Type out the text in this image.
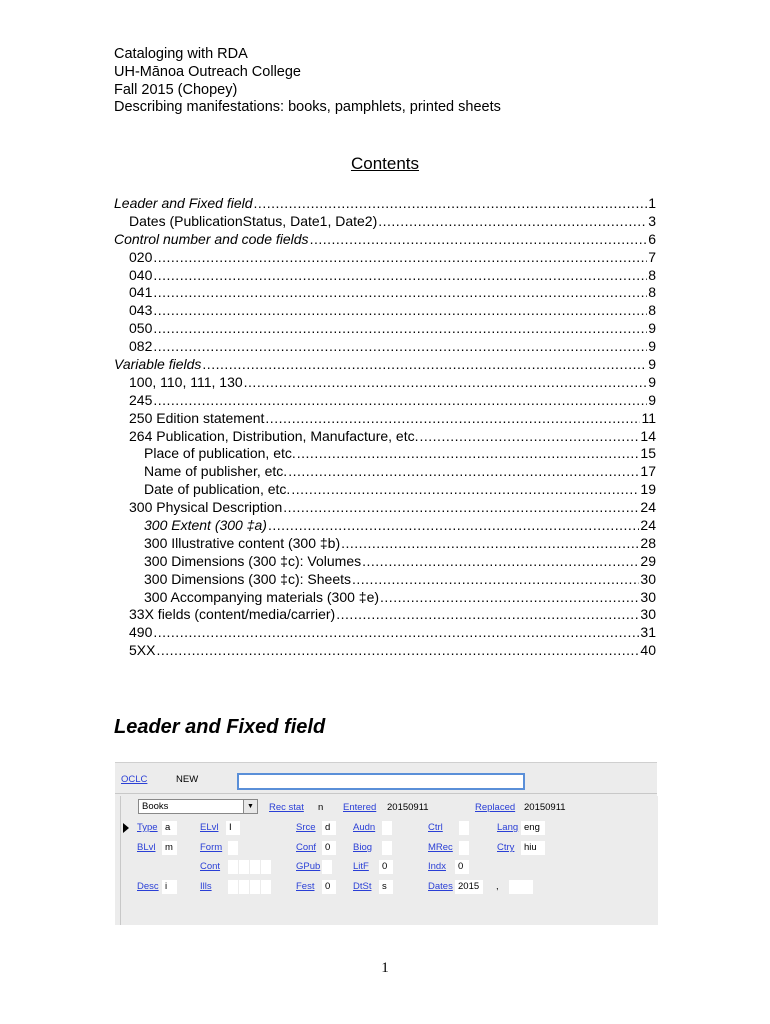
Cataloging with RDA
UH-Mānoa Outreach College
Fall 2015 (Chopey)
Describing manifestations: books, pamphlets, printed sheets
Contents
Leader and Fixed field .....	1
Dates (PublicationStatus, Date1, Date2) .....	3
Control number and code fields .....	6
020 .....	7
040 .....	8
041 .....	8
043 .....	8
050 .....	9
082 .....	9
Variable fields .....	9
100, 110, 111, 130 .....	9
245 .....	9
250 Edition statement .....	11
264 Publication, Distribution, Manufacture, etc. .....	14
Place of publication, etc. .....	15
Name of publisher, etc. .....	17
Date of publication, etc. .....	19
300 Physical Description .....	24
300 Extent (300 ‡a) .....	24
300 Illustrative content (300 ‡b) .....	28
300 Dimensions (300 ‡c): Volumes .....	29
300 Dimensions (300 ‡c): Sheets .....	30
300 Accompanying materials (300 ‡e) .....	30
33X fields (content/media/carrier) .....	30
490 .....	31
5XX .....	40
Leader and Fixed field
OCLC	NEW
Books	▼	Rec stat n Entered 20150911	Replaced 20150911
Type a	ELvl	I	Srce d	Audn	Ctrl	Lang eng
BLvl	m	Form	Conf 0	Biog	MRec	Ctry	hiu
Cont	GPub	LitF	0	Indx	0
Desc i	Ills	Fest	0	DtSt	s	Dates 2015	,
1
